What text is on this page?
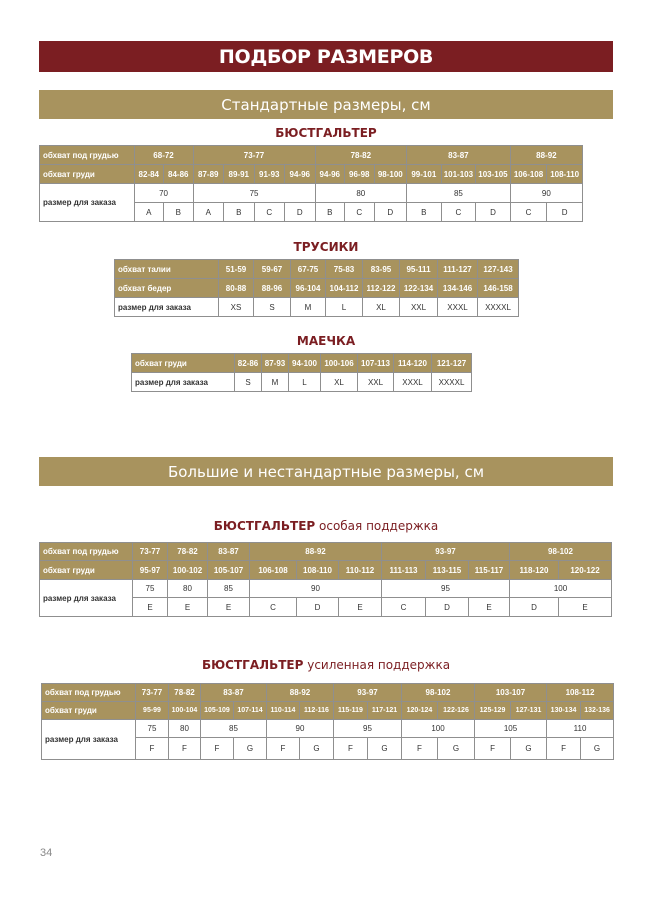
ПОДБОР РАЗМЕРОВ
Стандартные размеры, см
БЮСТГАЛЬТЕР
обхват под грудью	68-72		73-77				78-82			83-87			88-92	
обхват груди	82-84	84-86	87-89	89-91	91-93	94-96	94-96	96-98	98-100	99-101	101-103	103-105	106-108	108-110
размер для заказа	70		75				80			85			90	
	A	B	A	B	C	D	B	C	D	B	C	D	C	D
ТРУСИКИ
обхват талии	51-59	59-67	67-75	75-83	83-95	95-111	111-127	127-143
обхват бедер	80-88	88-96	96-104	104-112	112-122	122-134	134-146	146-158
размер для заказа	XS	S	M	L	XL	XXL	XXXL	XXXXL
МАЕЧКА
обхват груди	82-86	87-93	94-100	100-106	107-113	114-120	121-127
размер для заказа	S	M	L	XL	XXL	XXXL	XXXXL
Большие и нестандартные размеры, см
БЮСТГАЛЬТЕР особая поддержка
обхват под грудью	73-77	78-82	83-87	88-92			93-97			98-102	
обхват груди	95-97	100-102	105-107	106-108	108-110	110-112	111-113	113-115	115-117	118-120	120-122
размер для заказа	75	80	85	90			95			100	
	E	E	E	C	D	E	C	D	E	D	E
БЮСТГАЛЬТЕР усиленная поддержка
обхват под грудью	73-77	78-82	83-87		88-92		93-97		98-102		103-107		108-112	
обхват груди	95-99	100-104	105-109	107-114	110-114	112-116	115-119	117-121	120-124	122-126	125-129	127-131	130-134	132-136
размер для заказа	75	80	85		90		95		100		105		110	
	F	F	F	G	F	G	F	G	F	G	F	G	F	G
34
